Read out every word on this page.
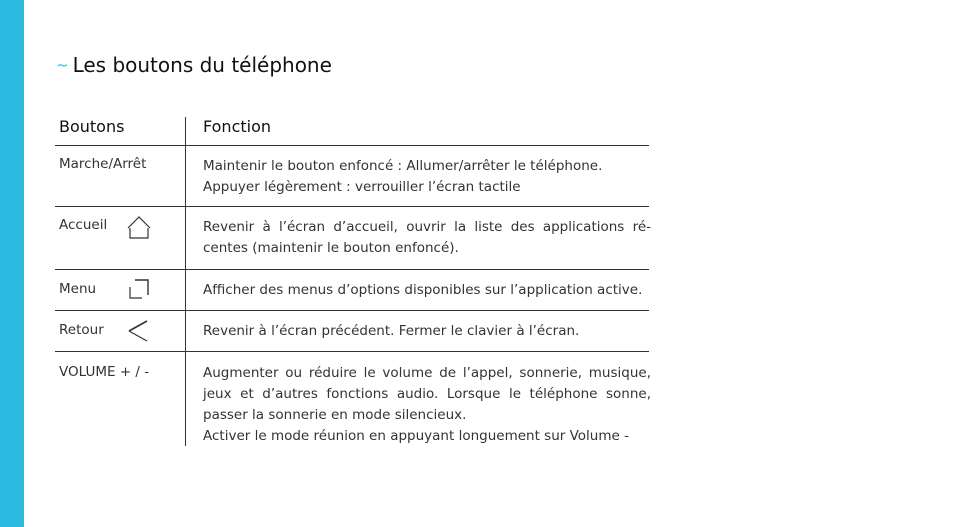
~ Les boutons du téléphone
Boutons	Fonction
Marche/Arrêt	Maintenir le bouton enfoncé : Allumer/arrêter le téléphone.
Appuyer légèrement : verrouiller l’écran tactile
Accueil	Revenir à l’écran d’accueil, ouvrir la liste des applications ré-
centes (maintenir le bouton enfoncé).
Menu	Afficher des menus d’options disponibles sur l’application active.
Retour	Revenir à l’écran précédent. Fermer le clavier à l’écran.
VOLUME + / -	Augmenter ou réduire le volume de l’appel, sonnerie, musique,
jeux et d’autres fonctions audio. Lorsque le téléphone sonne,
passer la sonnerie en mode silencieux.
Activer le mode réunion en appuyant longuement sur Volume -
